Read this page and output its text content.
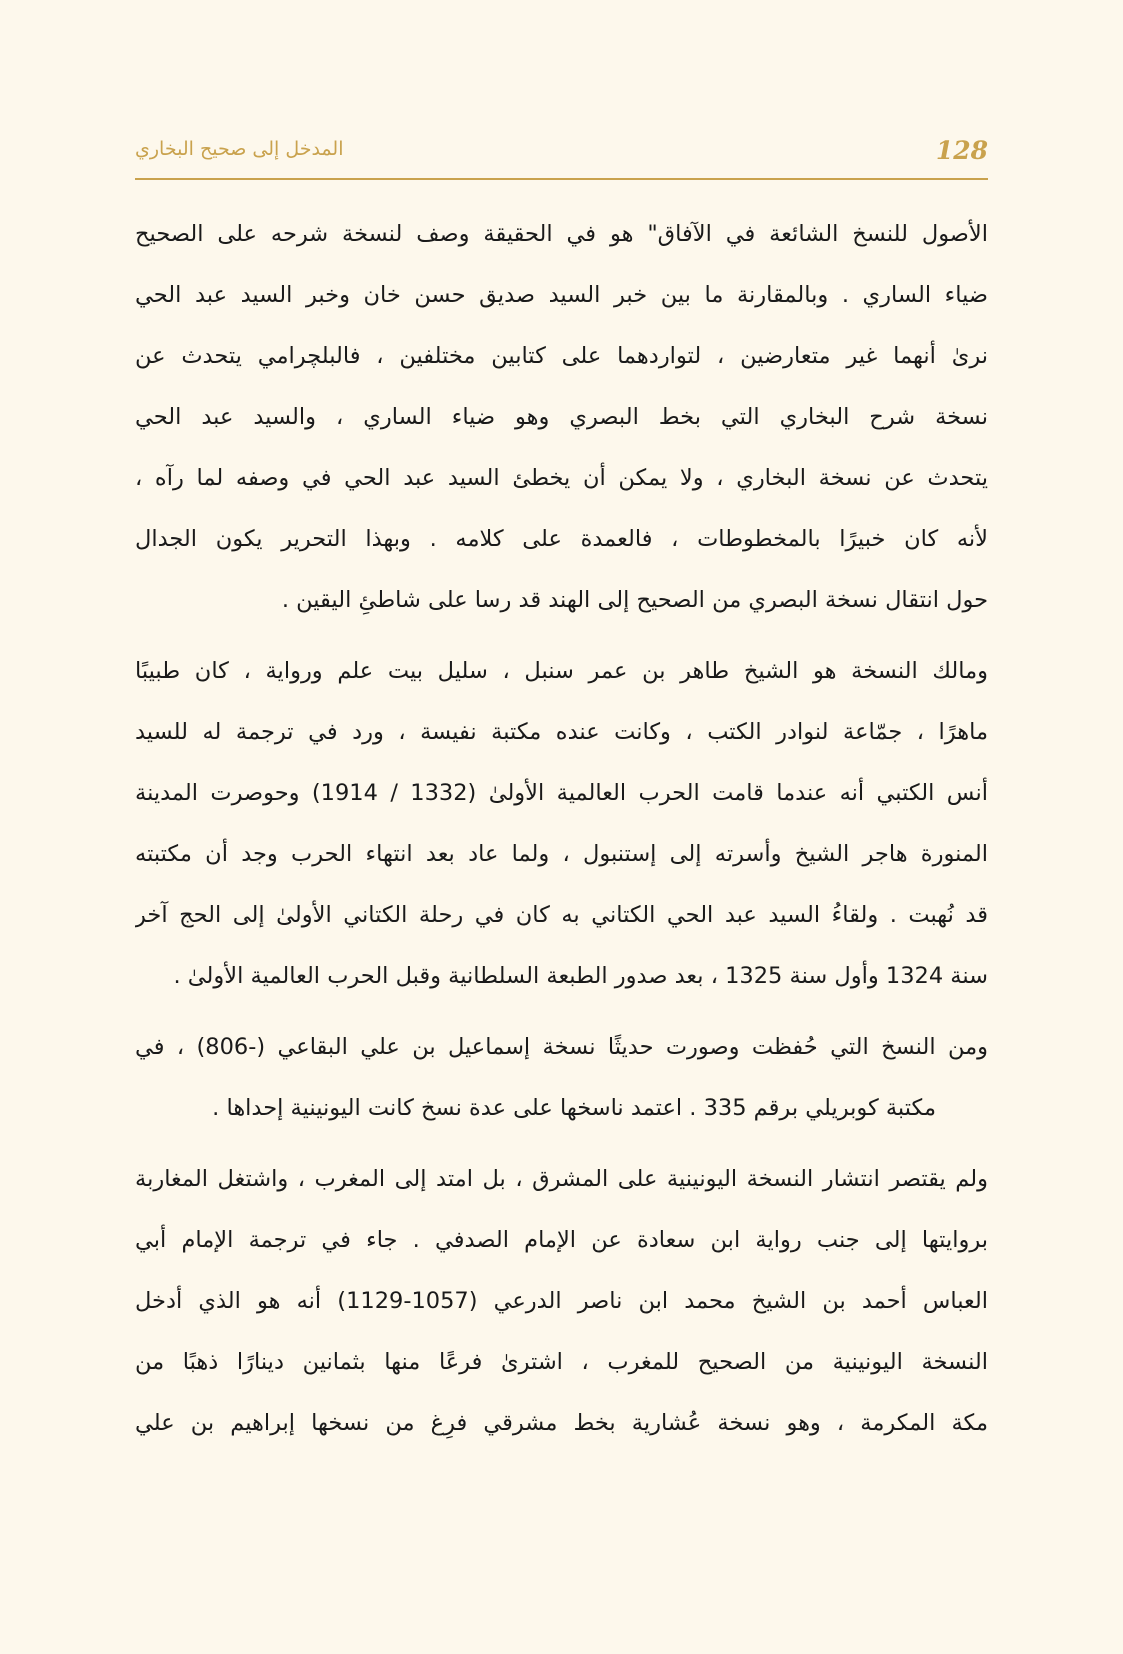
128
المدخل إلى صحيح البخاري
الأصول للنسخ الشائعة في الآفاق" هو في الحقيقة وصف لنسخة شرحه على الصحيح
ضياء الساري . وبالمقارنة ما بين خبر السيد صديق حسن خان وخبر السيد عبد الحي
نرىٰ أنهما غير متعارضين ، لتواردهما على كتابين مختلفين ، فالبلچرامي يتحدث عن
نسخة شرح البخاري التي بخط البصري وهو ضياء الساري ، والسيد عبد الحي
يتحدث عن نسخة البخاري ، ولا يمكن أن يخطئ السيد عبد الحي في وصفه لما رآه ،
لأنه كان خبيرًا بالمخطوطات ، فالعمدة على كلامه . وبهذا التحرير يكون الجدال
حول انتقال نسخة البصري من الصحيح إلى الهند قد رسا على شاطئِ اليقين .
ومالك النسخة هو الشيخ طاهر بن عمر سنبل ، سليل بيت علم ورواية ، كان طبيبًا
ماهرًا ، جمّاعة لنوادر الكتب ، وكانت عنده مكتبة نفيسة ، ورد في ترجمة له للسيد
أنس الكتبي أنه عندما قامت الحرب العالمية الأولىٰ (1332 / 1914) وحوصرت المدينة
المنورة هاجر الشيخ وأسرته إلى إستنبول ، ولما عاد بعد انتهاء الحرب وجد أن مكتبته
قد نُهبت . ولقاءُ السيد عبد الحي الكتاني به كان في رحلة الكتاني الأولىٰ إلى الحج آخر
سنة 1324 وأول سنة 1325 ، بعد صدور الطبعة السلطانية وقبل الحرب العالمية الأولىٰ .
ومن النسخ التي حُفظت وصورت حديثًا نسخة إسماعيل بن علي البقاعي (-806) ، في
مكتبة كوبريلي برقم 335 . اعتمد ناسخها على عدة نسخ كانت اليونينية إحداها .
ولم يقتصر انتشار النسخة اليونينية على المشرق ، بل امتد إلى المغرب ، واشتغل المغاربة
بروايتها إلى جنب رواية ابن سعادة عن الإمام الصدفي . جاء في ترجمة الإمام أبي
العباس أحمد بن الشيخ محمد ابن ناصر الدرعي (1057-1129) أنه هو الذي أدخل
النسخة اليونينية من الصحيح للمغرب ، اشترىٰ فرعًا منها بثمانين دينارًا ذهبًا من
مكة المكرمة ، وهو نسخة عُشارية بخط مشرقي فرِغ من نسخها إبراهيم بن علي
